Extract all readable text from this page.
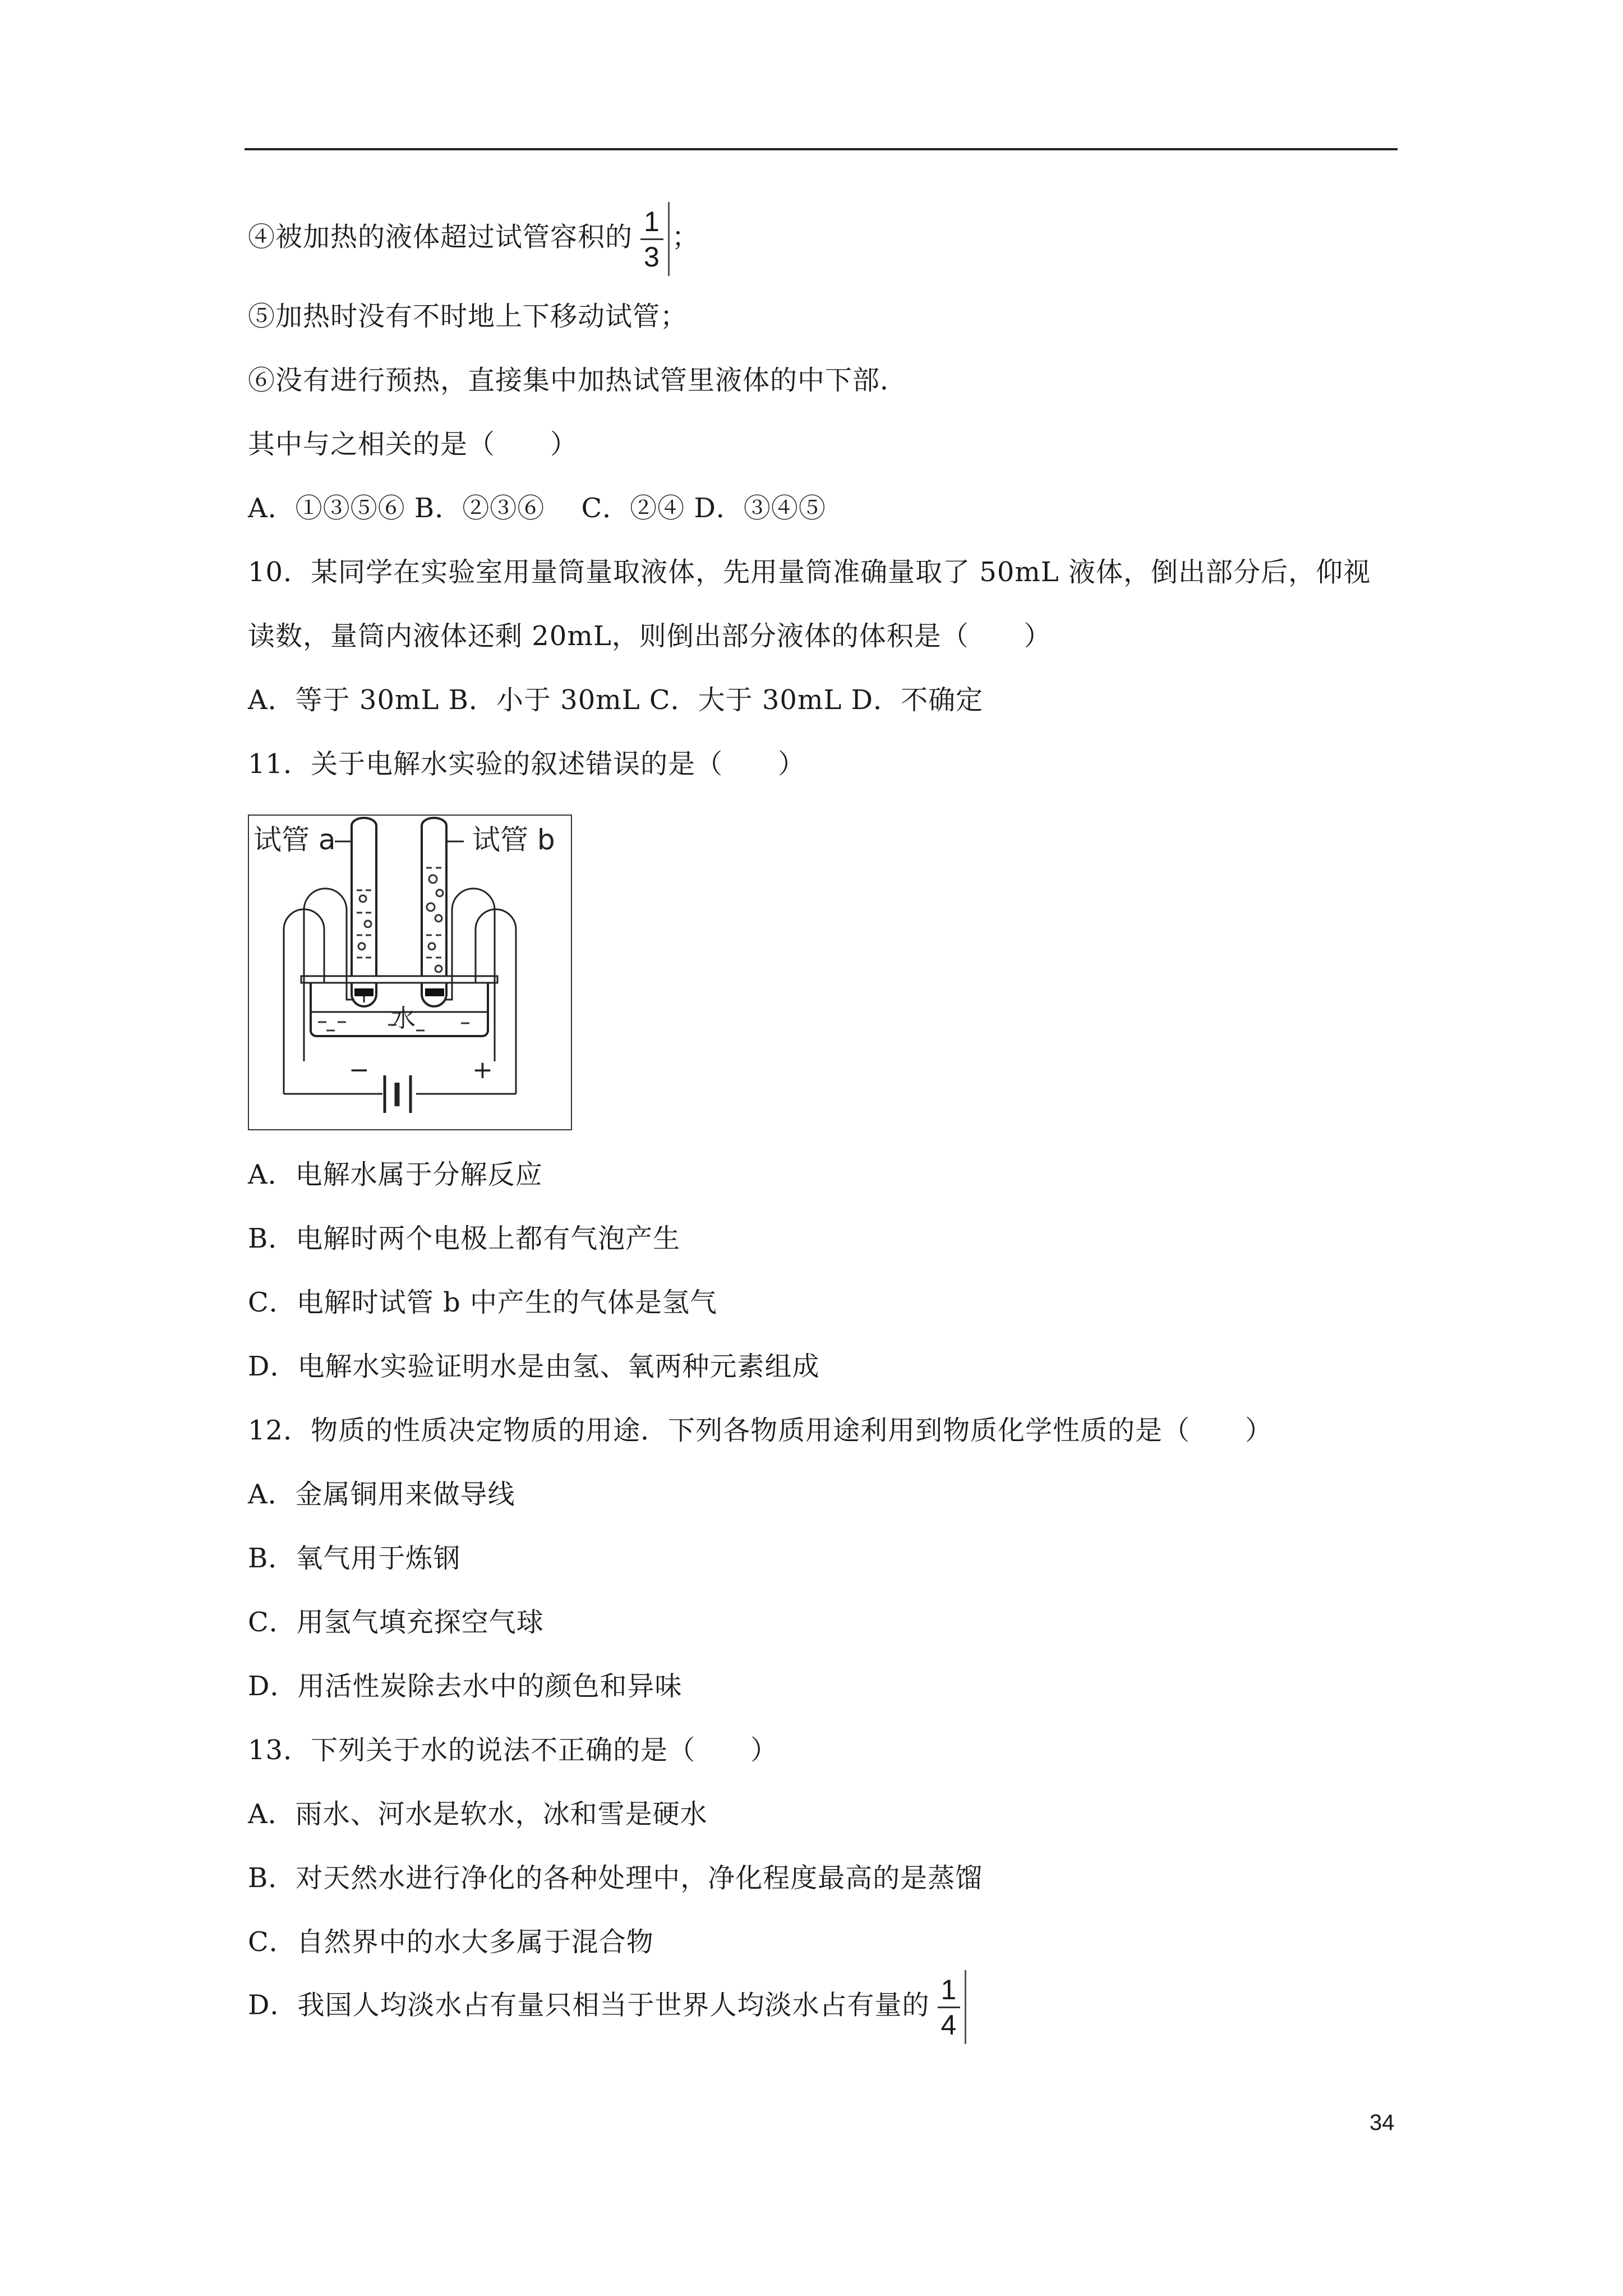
④被加热的液体超过试管容积的 $\frac{1}{3}$ ；

⑤加热时没有不时地上下移动试管；

⑥没有进行预热，直接集中加热试管里液体的中下部．

其中与之相关的是（　　）

A．①③⑤⑥ B．②③⑥　 C．②④ D．③④⑤

10．某同学在实验室用量筒量取液体，先用量筒准确量取了 50mL 液体，倒出部分后，仰视

读数，量筒内液体还剩 20mL，则倒出部分液体的体积是（　　）

A．等于 30mL B．小于 30mL C．大于 30mL D．不确定

11．关于电解水实验的叙述错误的是（　　）

试管 a	试管 b
水
−	+

A．电解水属于分解反应

B．电解时两个电极上都有气泡产生

C．电解时试管 b 中产生的气体是氢气

D．电解水实验证明水是由氢、氧两种元素组成

12．物质的性质决定物质的用途．下列各物质用途利用到物质化学性质的是（　　）

A．金属铜用来做导线

B．氧气用于炼钢

C．用氢气填充探空气球

D．用活性炭除去水中的颜色和异味

13．下列关于水的说法不正确的是（　　）

A．雨水、河水是软水，冰和雪是硬水

B．对天然水进行净化的各种处理中，净化程度最高的是蒸馏

C．自然界中的水大多属于混合物

D．我国人均淡水占有量只相当于世界人均淡水占有量的 $\frac{1}{4}$
34
